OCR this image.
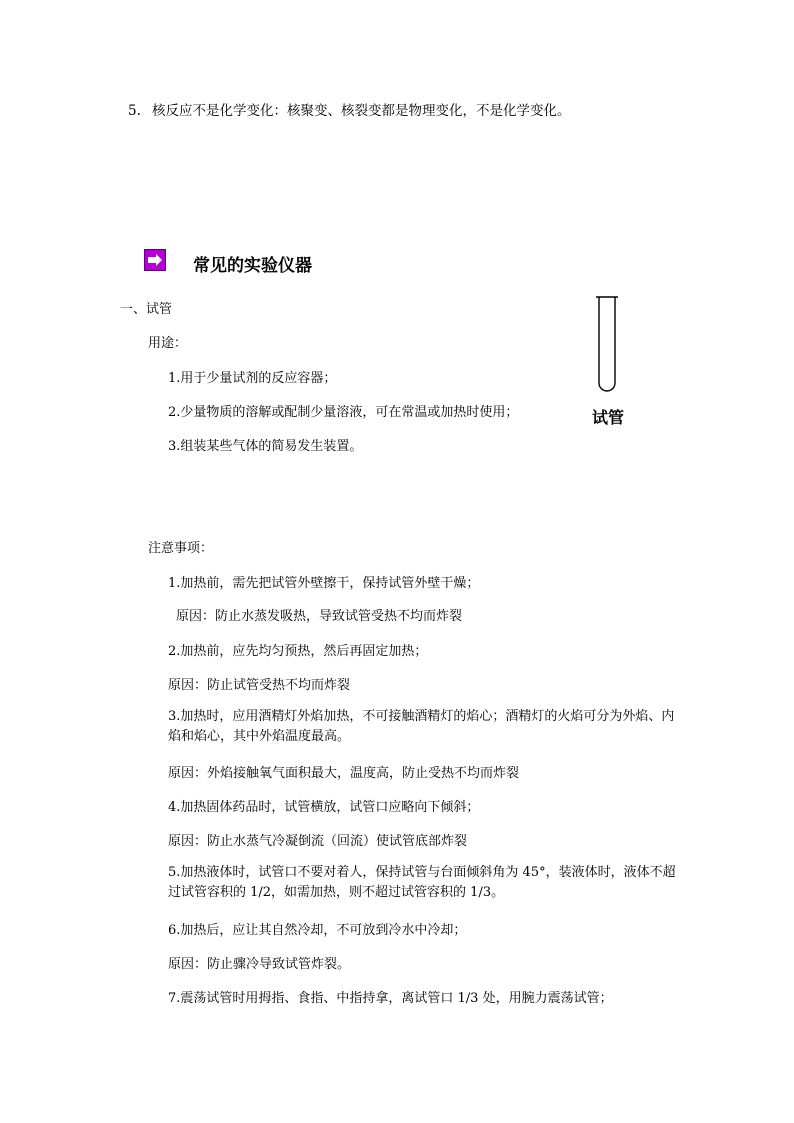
5. 核反应不是化学变化：核聚变、核裂变都是物理变化，不是化学变化。
常见的实验仪器
一、试管
用途：
1.用于少量试剂的反应容器；
2.少量物质的溶解或配制少量溶液，可在常温或加热时使用；
3.组装某些气体的简易发生装置。
试管
注意事项：
1.加热前，需先把试管外壁擦干，保持试管外壁干燥；
原因：防止水蒸发吸热，导致试管受热不均而炸裂
2.加热前，应先均匀预热，然后再固定加热；
原因：防止试管受热不均而炸裂
3.加热时，应用酒精灯外焰加热，不可接触酒精灯的焰心；酒精灯的火焰可分为外焰、内焰和焰心，其中外焰温度最高。
原因：外焰接触氧气面积最大，温度高，防止受热不均而炸裂
4.加热固体药品时，试管横放，试管口应略向下倾斜；
原因：防止水蒸气冷凝倒流（回流）使试管底部炸裂
5.加热液体时，试管口不要对着人，保持试管与台面倾斜角为 45°，装液体时，液体不超过试管容积的 1/2，如需加热，则不超过试管容积的 1/3。
6.加热后，应让其自然冷却，不可放到冷水中冷却；
原因：防止骤冷导致试管炸裂。
7.震荡试管时用拇指、食指、中指持拿，离试管口 1/3 处，用腕力震荡试管；
